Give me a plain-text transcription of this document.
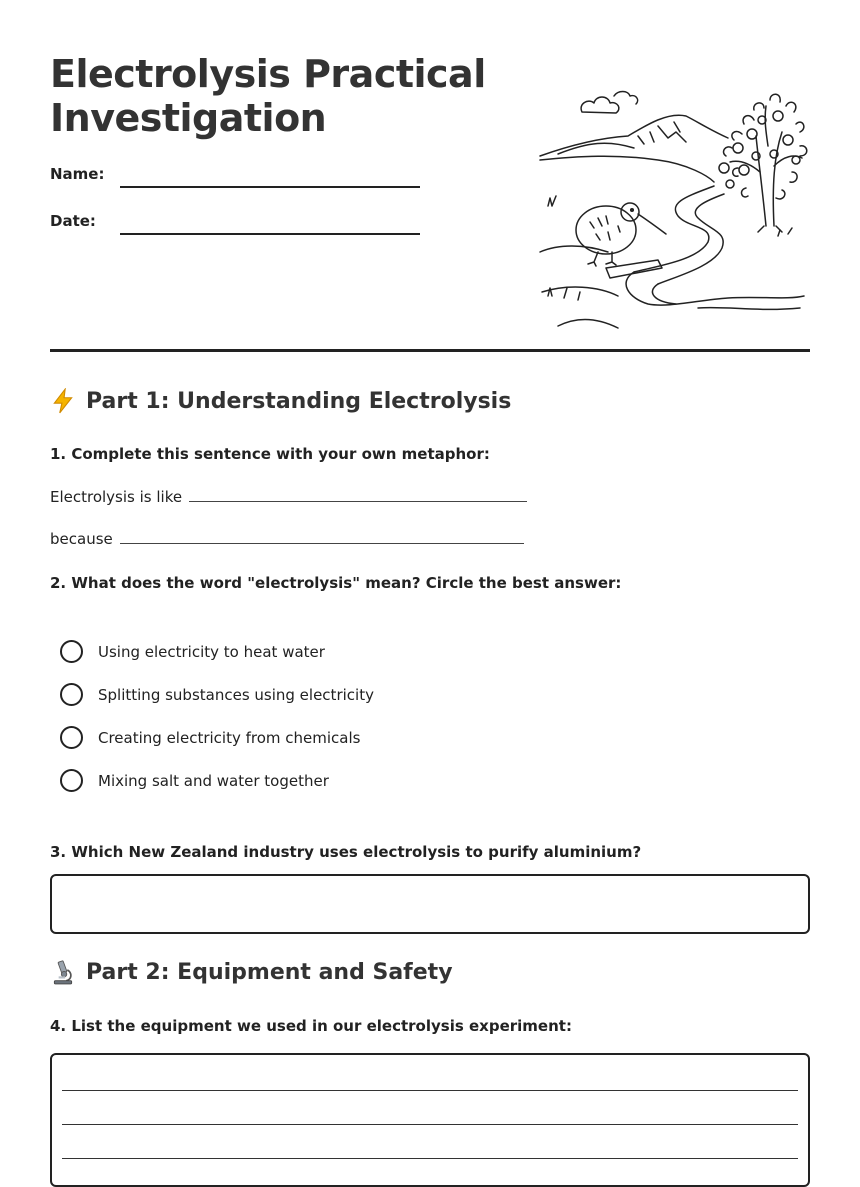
Electrolysis Practical
Investigation
Name:
Date:
Part 1: Understanding Electrolysis
1. Complete this sentence with your own metaphor:
Electrolysis is like
because
2. What does the word "electrolysis" mean? Circle the best answer:
Using electricity to heat water
Splitting substances using electricity
Creating electricity from chemicals
Mixing salt and water together
3. Which New Zealand industry uses electrolysis to purify aluminium?
Part 2: Equipment and Safety
4. List the equipment we used in our electrolysis experiment:
